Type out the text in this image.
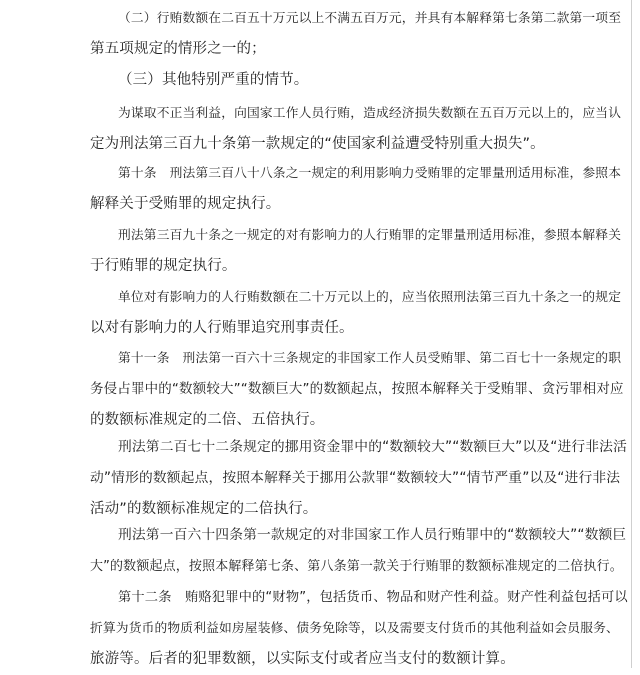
（二）行贿数额在二百五十万元以上不满五百万元，并具有本解释第七条第二款第一项至
第五项规定的情形之一的；
（三）其他特别严重的情节。
为谋取不正当利益，向国家工作人员行贿，造成经济损失数额在五百万元以上的，应当认
定为刑法第三百九十条第一款规定的“使国家利益遭受特别重大损失”。
第十条　刑法第三百八十八条之一规定的利用影响力受贿罪的定罪量刑适用标准，参照本
解释关于受贿罪的规定执行。
刑法第三百九十条之一规定的对有影响力的人行贿罪的定罪量刑适用标准，参照本解释关
于行贿罪的规定执行。
单位对有影响力的人行贿数额在二十万元以上的，应当依照刑法第三百九十条之一的规定
以对有影响力的人行贿罪追究刑事责任。
第十一条　刑法第一百六十三条规定的非国家工作人员受贿罪、第二百七十一条规定的职
务侵占罪中的“数额较大”“数额巨大”的数额起点，按照本解释关于受贿罪、贪污罪相对应
的数额标准规定的二倍、五倍执行。
刑法第二百七十二条规定的挪用资金罪中的“数额较大”“数额巨大”以及“进行非法活
动”情形的数额起点，按照本解释关于挪用公款罪“数额较大”“情节严重”以及“进行非法
活动”的数额标准规定的二倍执行。
刑法第一百六十四条第一款规定的对非国家工作人员行贿罪中的“数额较大”“数额巨
大”的数额起点，按照本解释第七条、第八条第一款关于行贿罪的数额标准规定的二倍执行。
第十二条　贿赂犯罪中的“财物”，包括货币、物品和财产性利益。财产性利益包括可以
折算为货币的物质利益如房屋装修、债务免除等，以及需要支付货币的其他利益如会员服务、
旅游等。后者的犯罪数额，以实际支付或者应当支付的数额计算。
